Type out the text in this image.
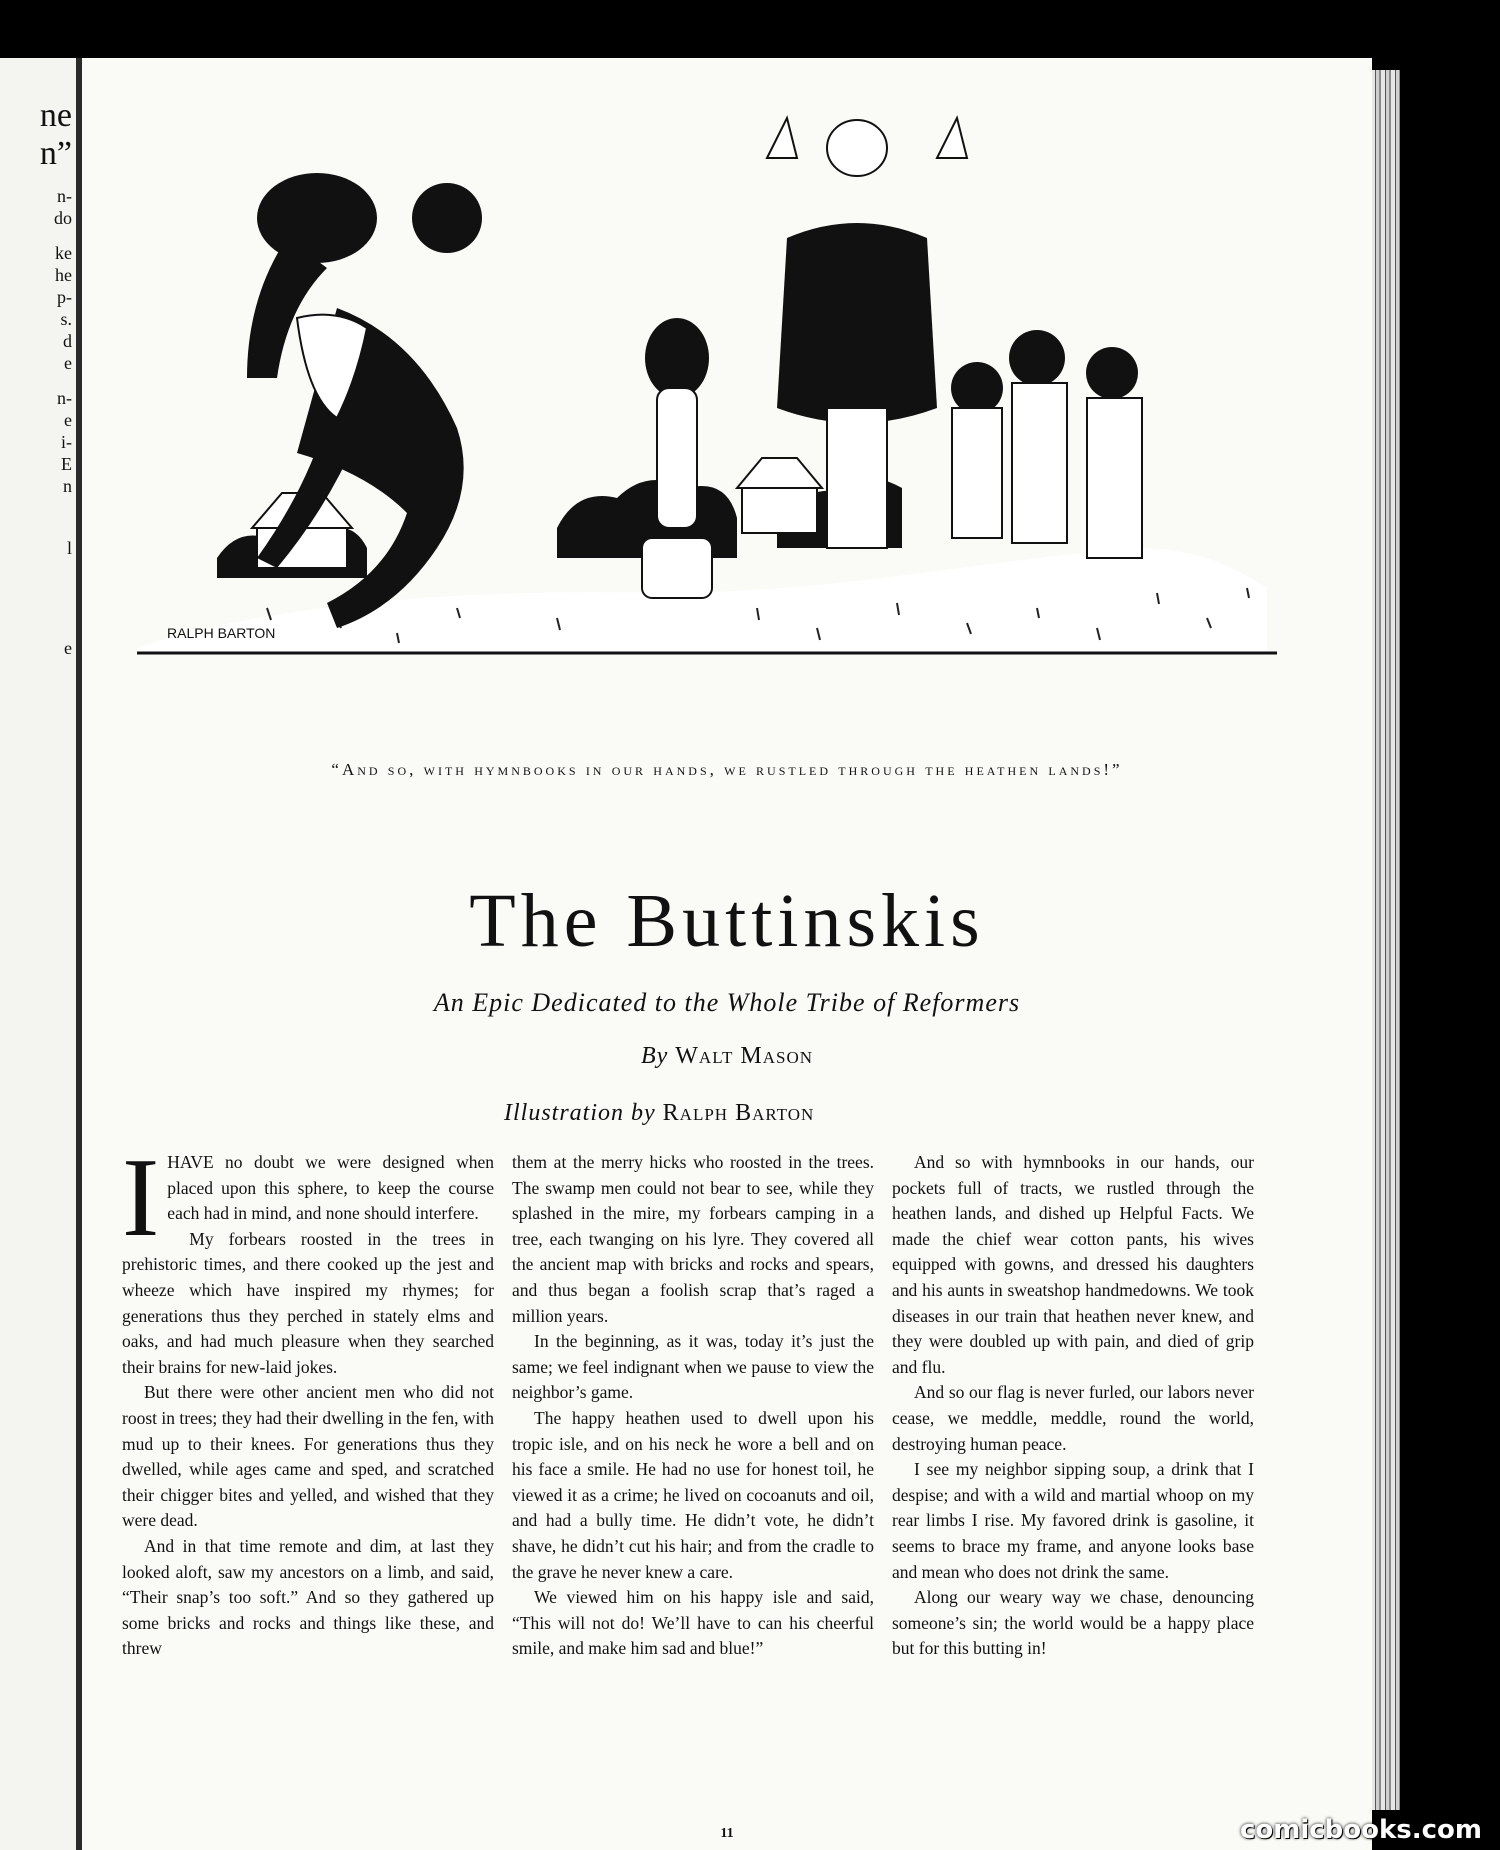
ne
n”
n-
do
ke
he
p-
s.
d
e
n-
e
i-
E
n
l
e
RALPH BARTON
“And so, with hymnbooks in our hands, we rustled through the heathen lands!”
The Buttinskis
An Epic Dedicated to the Whole Tribe of Reformers
By Walt Mason
Illustration by Ralph Barton

IHAVE no doubt we were designed when placed upon this sphere, to keep the course each had in mind, and none should interfere.

My forbears roosted in the trees in prehistoric times, and there cooked up the jest and wheeze which have inspired my rhymes; for generations thus they perched in stately elms and oaks, and had much pleasure when they searched their brains for new-laid jokes.

But there were other ancient men who did not roost in trees; they had their dwelling in the fen, with mud up to their knees. For generations thus they dwelled, while ages came and sped, and scratched their chigger bites and yelled, and wished that they were dead.

And in that time remote and dim, at last they looked aloft, saw my ancestors on a limb, and said, “Their snap’s too soft.” And so they gathered up some bricks and rocks and things like these, and threw

them at the merry hicks who roosted in the trees. The swamp men could not bear to see, while they splashed in the mire, my forbears camping in a tree, each twanging on his lyre. They covered all the ancient map with bricks and rocks and spears, and thus began a foolish scrap that’s raged a million years.

In the beginning, as it was, today it’s just the same; we feel indignant when we pause to view the neighbor’s game.

The happy heathen used to dwell upon his tropic isle, and on his neck he wore a bell and on his face a smile. He had no use for honest toil, he viewed it as a crime; he lived on cocoanuts and oil, and had a bully time. He didn’t vote, he didn’t shave, he didn’t cut his hair; and from the cradle to the grave he never knew a care.

We viewed him on his happy isle and said, “This will not do! We’ll have to can his cheerful smile, and make him sad and blue!”

And so with hymnbooks in our hands, our pockets full of tracts, we rustled through the heathen lands, and dished up Helpful Facts. We made the chief wear cotton pants, his wives equipped with gowns, and dressed his daughters and his aunts in sweatshop handmedowns. We took diseases in our train that heathen never knew, and they were doubled up with pain, and died of grip and flu.

And so our flag is never furled, our labors never cease, we meddle, meddle, round the world, destroying human peace.

I see my neighbor sipping soup, a drink that I despise; and with a wild and martial whoop on my rear limbs I rise. My favored drink is gasoline, it seems to brace my frame, and anyone looks base and mean who does not drink the same.

Along our weary way we chase, denouncing someone’s sin; the world would be a happy place but for this butting in!

11	comicbooks.com
